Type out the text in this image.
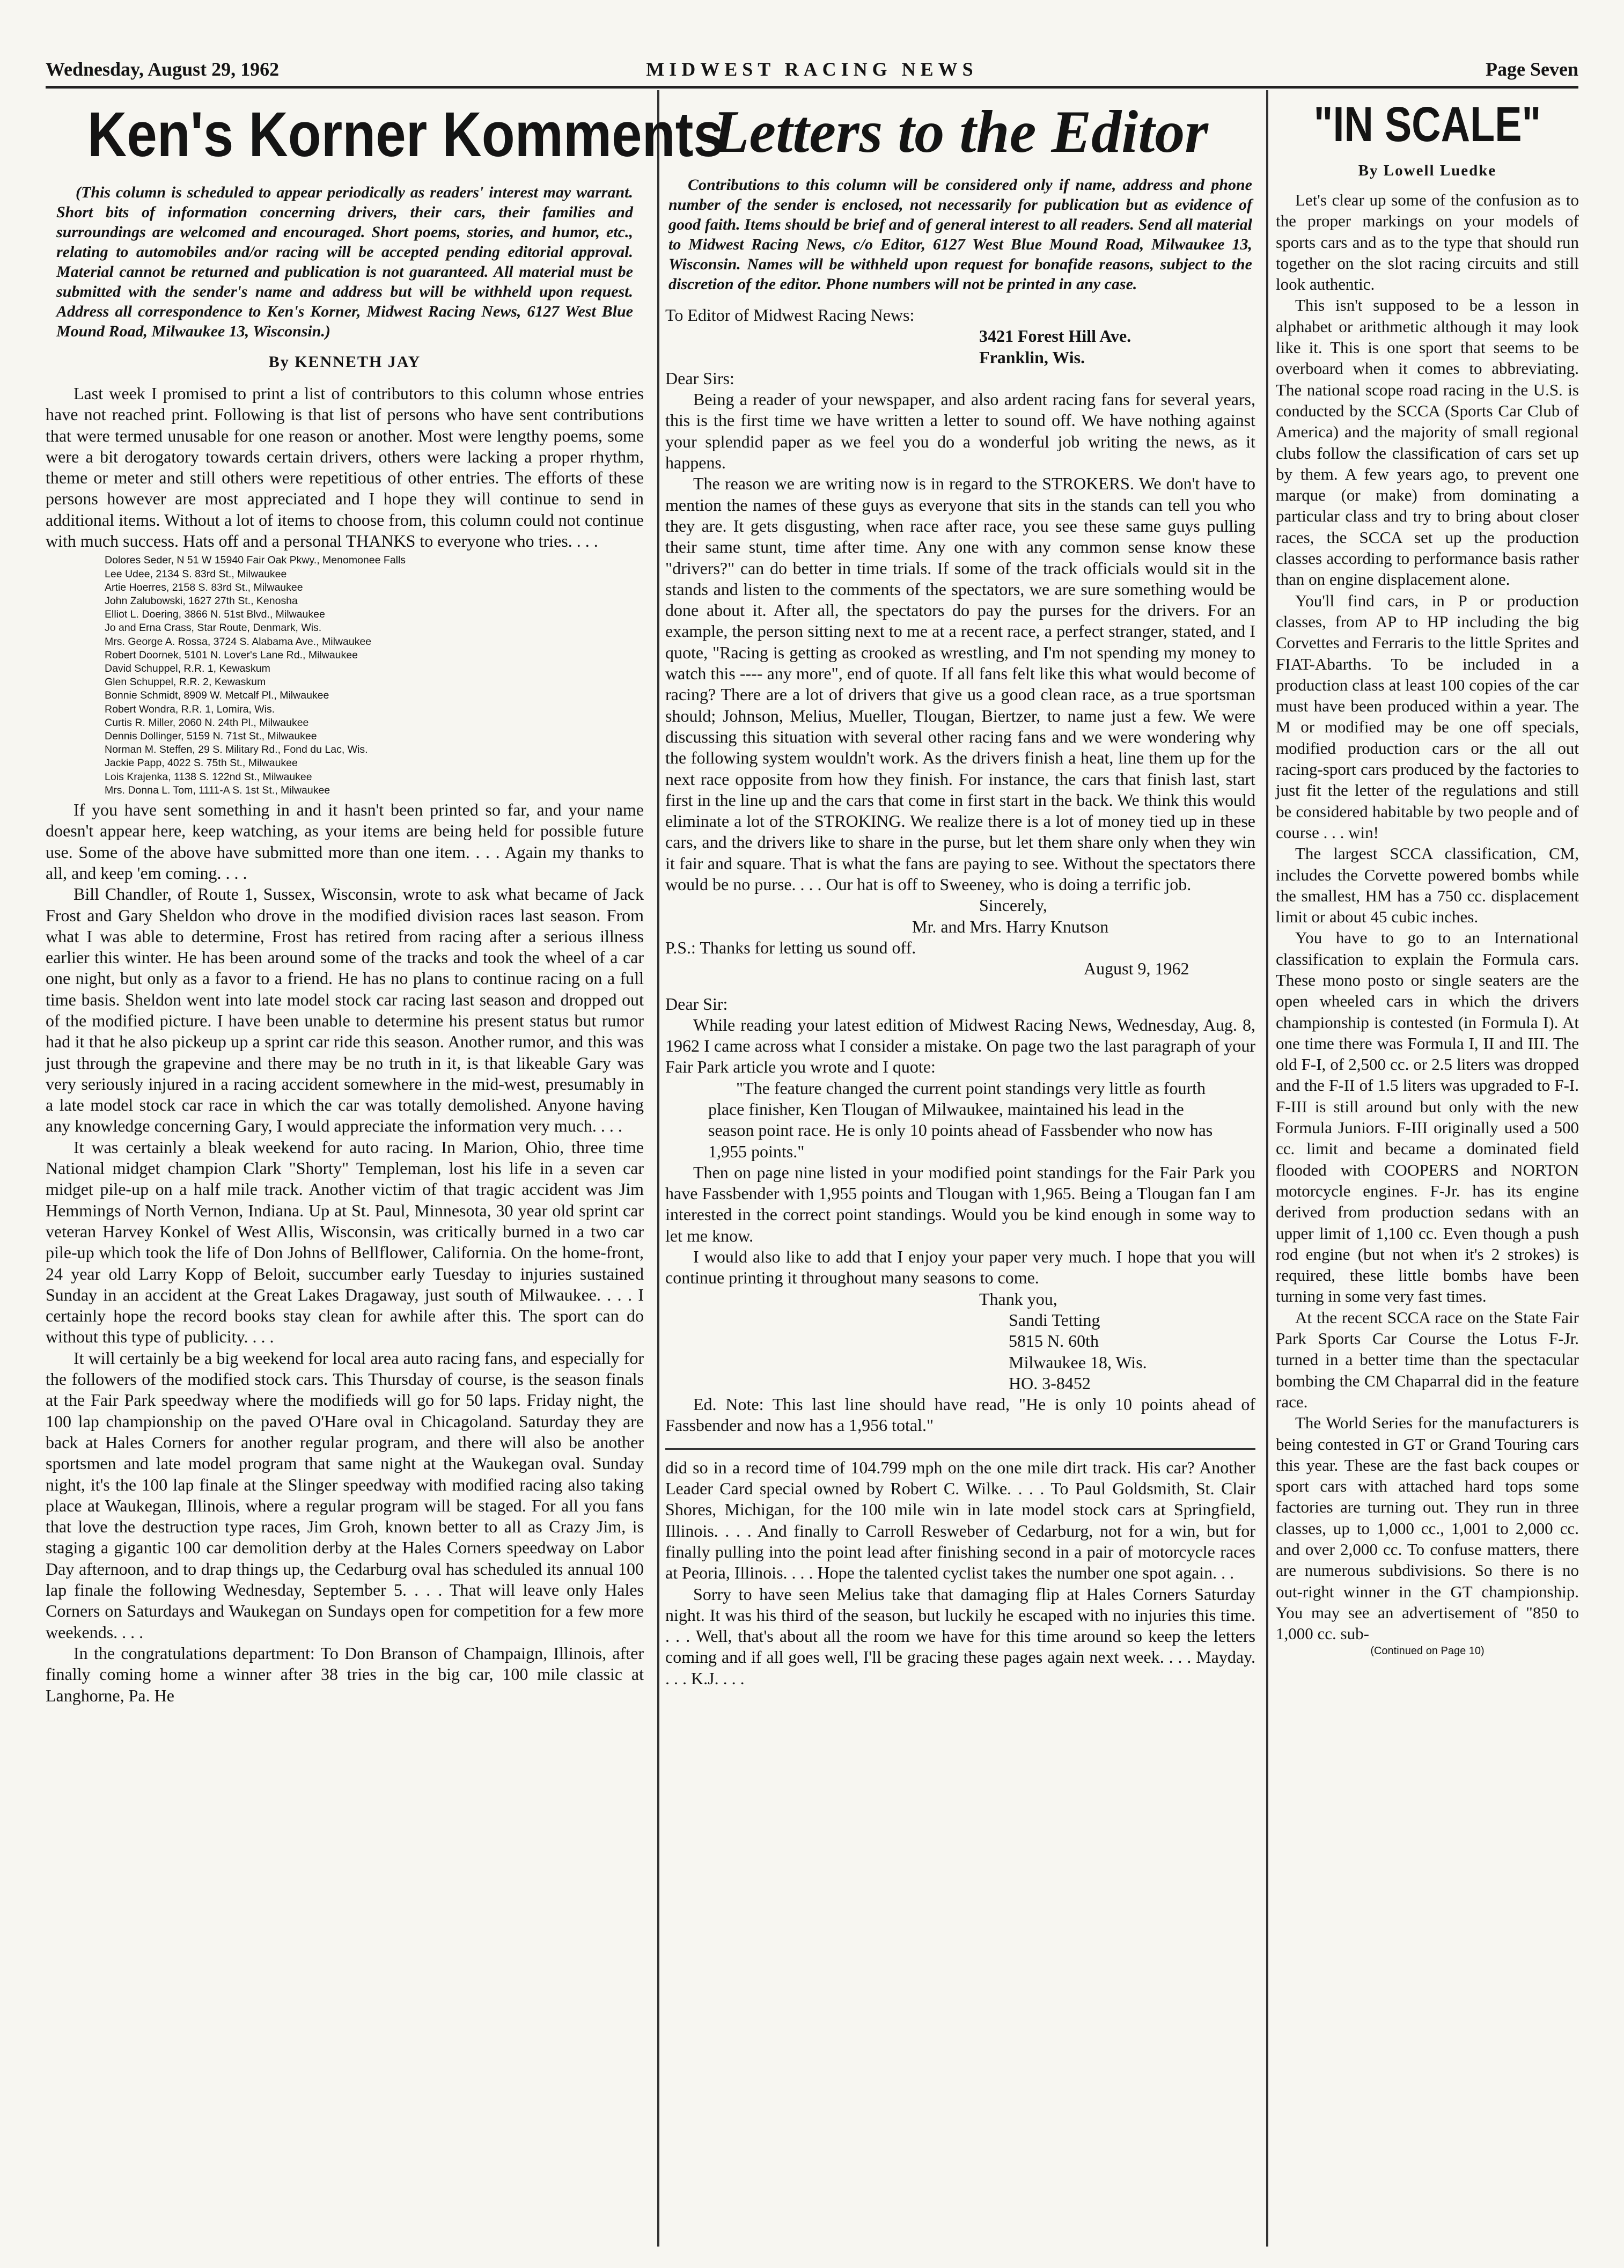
Wednesday, August 29, 1962	MIDWEST RACING NEWS	Page Seven
Ken's Korner Komments
(This column is scheduled to appear periodically as readers' interest may warrant. Short bits of information concerning drivers, their cars, their families and surroundings are welcomed and encouraged. Short poems, stories, and humor, etc., relating to automobiles and/or racing will be accepted pending editorial approval. Material cannot be returned and publication is not guaranteed. All material must be submitted with the sender's name and address but will be withheld upon request. Address all correspondence to Ken's Korner, Midwest Racing News, 6127 West Blue Mound Road, Milwaukee 13, Wisconsin.)
By KENNETH JAY

Last week I promised to print a list of contributors to this column whose entries have not reached print. Following is that list of persons who have sent contributions that were termed unusable for one reason or another. Most were lengthy poems, some were a bit derogatory towards certain drivers, others were lacking a proper rhythm, theme or meter and still others were repetitious of other entries. The efforts of these persons however are most appreciated and I hope they will continue to send in additional items. Without a lot of items to choose from, this column could not continue with much success. Hats off and a personal THANKS to everyone who tries. . . .

Dolores Seder, N 51 W 15940 Fair Oak Pkwy., Menomonee Falls
Lee Udee, 2134 S. 83rd St., Milwaukee
Artie Hoerres, 2158 S. 83rd St., Milwaukee
John Zalubowski, 1627 27th St., Kenosha
Elliot L. Doering, 3866 N. 51st Blvd., Milwaukee
Jo and Erna Crass, Star Route, Denmark, Wis.
Mrs. George A. Rossa, 3724 S. Alabama Ave., Milwaukee
Robert Doornek, 5101 N. Lover's Lane Rd., Milwaukee
David Schuppel, R.R. 1, Kewaskum
Glen Schuppel, R.R. 2, Kewaskum
Bonnie Schmidt, 8909 W. Metcalf Pl., Milwaukee
Robert Wondra, R.R. 1, Lomira, Wis.
Curtis R. Miller, 2060 N. 24th Pl., Milwaukee
Dennis Dollinger, 5159 N. 71st St., Milwaukee
Norman M. Steffen, 29 S. Military Rd., Fond du Lac, Wis.
Jackie Papp, 4022 S. 75th St., Milwaukee
Lois Krajenka, 1138 S. 122nd St., Milwaukee
Mrs. Donna L. Tom, 1111-A S. 1st St., Milwaukee

If you have sent something in and it hasn't been printed so far, and your name doesn't appear here, keep watching, as your items are being held for possible future use. Some of the above have submitted more than one item. . . . Again my thanks to all, and keep 'em coming. . . .

Bill Chandler, of Route 1, Sussex, Wisconsin, wrote to ask what became of Jack Frost and Gary Sheldon who drove in the modified division races last season. From what I was able to determine, Frost has retired from racing after a serious illness earlier this winter. He has been around some of the tracks and took the wheel of a car one night, but only as a favor to a friend. He has no plans to continue racing on a full time basis. Sheldon went into late model stock car racing last season and dropped out of the modified picture. I have been unable to determine his present status but rumor had it that he also pickeup up a sprint car ride this season. Another rumor, and this was just through the grapevine and there may be no truth in it, is that likeable Gary was very seriously injured in a racing accident somewhere in the mid-west, presumably in a late model stock car race in which the car was totally demolished. Anyone having any knowledge concerning Gary, I would appreciate the information very much. . . .

It was certainly a bleak weekend for auto racing. In Marion, Ohio, three time National midget champion Clark "Shorty" Templeman, lost his life in a seven car midget pile-up on a half mile track. Another victim of that tragic accident was Jim Hemmings of North Vernon, Indiana. Up at St. Paul, Minnesota, 30 year old sprint car veteran Harvey Konkel of West Allis, Wisconsin, was critically burned in a two car pile-up which took the life of Don Johns of Bellflower, California. On the home-front, 24 year old Larry Kopp of Beloit, succumber early Tuesday to injuries sustained Sunday in an accident at the Great Lakes Dragaway, just south of Milwaukee. . . . I certainly hope the record books stay clean for awhile after this. The sport can do without this type of publicity. . . .

It will certainly be a big weekend for local area auto racing fans, and especially for the followers of the modified stock cars. This Thursday of course, is the season finals at the Fair Park speedway where the modifieds will go for 50 laps. Friday night, the 100 lap championship on the paved O'Hare oval in Chicagoland. Saturday they are back at Hales Corners for another regular program, and there will also be another sportsmen and late model program that same night at the Waukegan oval. Sunday night, it's the 100 lap finale at the Slinger speedway with modified racing also taking place at Waukegan, Illinois, where a regular program will be staged. For all you fans that love the destruction type races, Jim Groh, known better to all as Crazy Jim, is staging a gigantic 100 car demolition derby at the Hales Corners speedway on Labor Day afternoon, and to drap things up, the Cedarburg oval has scheduled its annual 100 lap finale the following Wednesday, September 5. . . . That will leave only Hales Corners on Saturdays and Waukegan on Sundays open for competition for a few more weekends. . . .

In the congratulations department: To Don Branson of Champaign, Illinois, after finally coming home a winner after 38 tries in the big car, 100 mile classic at Langhorne, Pa. He

Letters to the Editor
Contributions to this column will be considered only if name, address and phone number of the sender is enclosed, not necessarily for publication but as evidence of good faith. Items should be brief and of general interest to all readers. Send all material to Midwest Racing News, c/o Editor, 6127 West Blue Mound Road, Milwaukee 13, Wisconsin. Names will be withheld upon request for bonafide reasons, subject to the discretion of the editor. Phone numbers will not be printed in any case.

To Editor of Midwest Racing News:

3421 Forest Hill Ave.

Franklin, Wis.

Dear Sirs:

Being a reader of your newspaper, and also ardent racing fans for several years, this is the first time we have written a letter to sound off. We have nothing against your splendid paper as we feel you do a wonderful job writing the news, as it happens.

The reason we are writing now is in regard to the STROKERS. We don't have to mention the names of these guys as everyone that sits in the stands can tell you who they are. It gets disgusting, when race after race, you see these same guys pulling their same stunt, time after time. Any one with any common sense know these "drivers?" can do better in time trials. If some of the track officials would sit in the stands and listen to the comments of the spectators, we are sure something would be done about it. After all, the spectators do pay the purses for the drivers. For an example, the person sitting next to me at a recent race, a perfect stranger, stated, and I quote, "Racing is getting as crooked as wrestling, and I'm not spending my money to watch this ---- any more", end of quote. If all fans felt like this what would become of racing? There are a lot of drivers that give us a good clean race, as a true sportsman should; Johnson, Melius, Mueller, Tlougan, Biertzer, to name just a few. We were discussing this situation with several other racing fans and we were wondering why the following system wouldn't work. As the drivers finish a heat, line them up for the next race opposite from how they finish. For instance, the cars that finish last, start first in the line up and the cars that come in first start in the back. We think this would eliminate a lot of the STROKING. We realize there is a lot of money tied up in these cars, and the drivers like to share in the purse, but let them share only when they win it fair and square. That is what the fans are paying to see. Without the spectators there would be no purse. . . . Our hat is off to Sweeney, who is doing a terrific job.

Sincerely,

Mr. and Mrs. Harry Knutson

P.S.: Thanks for letting us sound off.

August 9, 1962

Dear Sir:

While reading your latest edition of Midwest Racing News, Wednesday, Aug. 8, 1962 I came across what I consider a mistake. On page two the last paragraph of your Fair Park article you wrote and I quote:

"The feature changed the current point standings very little as fourth place finisher, Ken Tlougan of Milwaukee, maintained his lead in the season point race. He is only 10 points ahead of Fassbender who now has 1,955 points."

Then on page nine listed in your modified point standings for the Fair Park you have Fassbender with 1,955 points and Tlougan with 1,965. Being a Tlougan fan I am interested in the correct point standings. Would you be kind enough in some way to let me know.

I would also like to add that I enjoy your paper very much. I hope that you will continue printing it throughout many seasons to come.

Thank you,

Sandi Tetting

5815 N. 60th

Milwaukee 18, Wis.

HO. 3-8452

Ed. Note: This last line should have read, "He is only 10 points ahead of Fassbender and now has a 1,956 total."

did so in a record time of 104.799 mph on the one mile dirt track. His car? Another Leader Card special owned by Robert C. Wilke. . . . To Paul Goldsmith, St. Clair Shores, Michigan, for the 100 mile win in late model stock cars at Springfield, Illinois. . . . And finally to Carroll Resweber of Cedarburg, not for a win, but for finally pulling into the point lead after finishing second in a pair of motorcycle races at Peoria, Illinois. . . . Hope the talented cyclist takes the number one spot again. . .

Sorry to have seen Melius take that damaging flip at Hales Corners Saturday night. It was his third of the season, but luckily he escaped with no injuries this time. . . . Well, that's about all the room we have for this time around so keep the letters coming and if all goes well, I'll be gracing these pages again next week. . . . Mayday. . . . K.J. . . .

"IN SCALE"
By Lowell Luedke

Let's clear up some of the confusion as to the proper markings on your models of sports cars and as to the type that should run together on the slot racing circuits and still look authentic.

This isn't supposed to be a lesson in alphabet or arithmetic although it may look like it. This is one sport that seems to be overboard when it comes to abbreviating. The national scope road racing in the U.S. is conducted by the SCCA (Sports Car Club of America) and the majority of small regional clubs follow the classification of cars set up by them. A few years ago, to prevent one marque (or make) from dominating a particular class and try to bring about closer races, the SCCA set up the production classes according to performance basis rather than on engine displacement alone.

You'll find cars, in P or production classes, from AP to HP including the big Corvettes and Ferraris to the little Sprites and FIAT-Abarths. To be included in a production class at least 100 copies of the car must have been produced within a year. The M or modified may be one off specials, modified production cars or the all out racing-sport cars produced by the factories to just fit the letter of the regulations and still be considered habitable by two people and of course . . . win!

The largest SCCA classification, CM, includes the Corvette powered bombs while the smallest, HM has a 750 cc. displacement limit or about 45 cubic inches.

You have to go to an International classification to explain the Formula cars. These mono posto or single seaters are the open wheeled cars in which the drivers championship is contested (in Formula I). At one time there was Formula I, II and III. The old F-I, of 2,500 cc. or 2.5 liters was dropped and the F-II of 1.5 liters was upgraded to F-I. F-III is still around but only with the new Formula Juniors. F-III originally used a 500 cc. limit and became a dominated field flooded with COOPERS and NORTON motorcycle engines. F-Jr. has its engine derived from production sedans with an upper limit of 1,100 cc. Even though a push rod engine (but not when it's 2 strokes) is required, these little bombs have been turning in some very fast times.

At the recent SCCA race on the State Fair Park Sports Car Course the Lotus F-Jr. turned in a better time than the spectacular bombing the CM Chaparral did in the feature race.

The World Series for the manufacturers is being contested in GT or Grand Touring cars this year. These are the fast back coupes or sport cars with attached hard tops some factories are turning out. They run in three classes, up to 1,000 cc., 1,001 to 2,000 cc. and over 2,000 cc. To confuse matters, there are numerous subdivisions. So there is no out-right winner in the GT championship. You may see an advertisement of "850 to 1,000 cc. sub-

(Continued on Page 10)
